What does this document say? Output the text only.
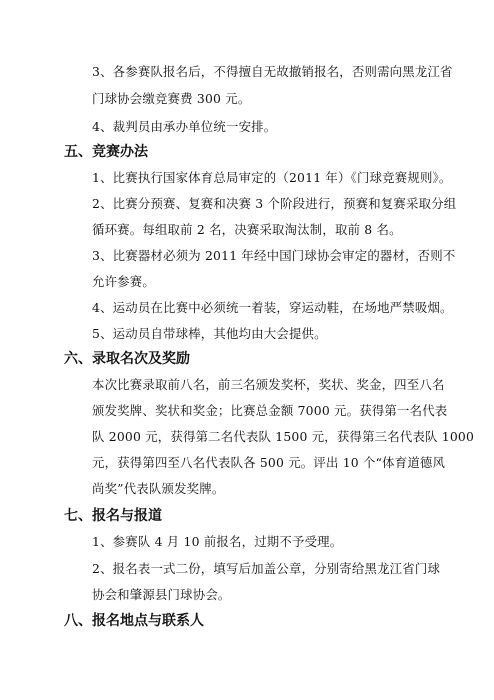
3、各参赛队报名后，不得擅自无故撤销报名，否则需向黑龙江省
门球协会缴竞赛费 300 元。
4、裁判员由承办单位统一安排。
五、竞赛办法
1、比赛执行国家体育总局审定的（2011 年）《门球竞赛规则》。
2、比赛分预赛、复赛和决赛 3 个阶段进行，预赛和复赛采取分组
循环赛。每组取前 2 名，决赛采取淘汰制，取前 8 名。
3、比赛器材必须为 2011 年经中国门球协会审定的器材，否则不
允许参赛。
4、运动员在比赛中必须统一着装，穿运动鞋，在场地严禁吸烟。
5、运动员自带球棒，其他均由大会提供。
六、录取名次及奖励
本次比赛录取前八名，前三名颁发奖杯，奖状、奖金，四至八名
颁发奖牌、奖状和奖金；比赛总金额 7000 元。获得第一名代表
队 2000 元，获得第二名代表队 1500 元，获得第三名代表队 1000
元，获得第四至八名代表队各 500 元。评出 10 个“体育道德风
尚奖”代表队颁发奖牌。
七、报名与报道
1、参赛队 4 月 10 前报名，过期不予受理。
2、报名表一式二份，填写后加盖公章，分别寄给黑龙江省门球
协会和肇源县门球协会。
八、报名地点与联系人
